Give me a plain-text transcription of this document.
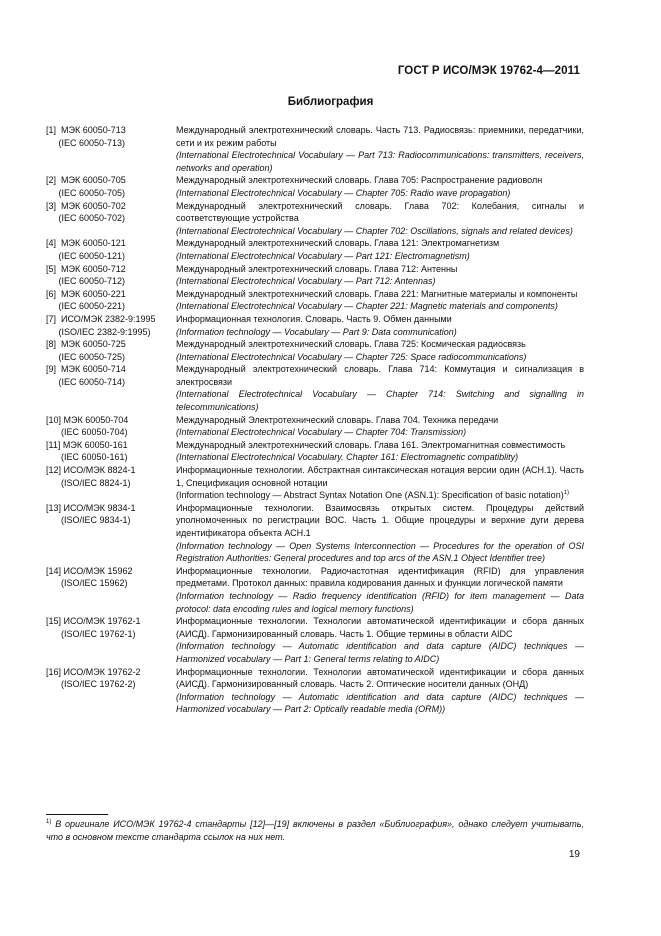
ГОСТ Р ИСО/МЭК 19762-4—2011
Библиография
[1] МЭК 60050-713
(IEC 60050-713)
Международный электротехнический словарь. Часть 713. Радиосвязь: приемники, передатчики, сети и их режим работы
(International Electrotechnical Vocabulary — Part 713: Radiocommunications: transmitters, receivers, networks and operation)
[2] МЭК 60050-705
(IEC 60050-705)
Международный электротехнический словарь. Глава 705: Распространение радиоволн
(International Electrotechnical Vocabulary — Chapter 705: Radio wave propagation)
[3] МЭК 60050-702
(IEC 60050-702)
Международный электротехнический словарь. Глава 702: Колебания, сигналы и соответствующие устройства
(International Electrotechnical Vocabulary — Chapter 702: Oscillations, signals and related devices)
[4] МЭК 60050-121
(IEC 60050-121)
Международный электротехнический словарь. Глава 121: Электромагнетизм
(International Electrotechnical Vocabulary — Part 121: Electromagnetism)
[5] МЭК 60050-712
(IEC 60050-712)
Международный электротехнический словарь. Глава 712: Антенны
(International Electrotechnical Vocabulary — Part 712: Antennas)
[6] МЭК 60050-221
(IEC 60050-221)
Международный электротехнический словарь. Глава 221: Магнитные материалы и компоненты
(International Electrotechnical Vocabulary — Chapter 221: Magnetic materials and components)
[7] ИСО/МЭК 2382-9:1995
(ISO/IEC 2382-9:1995)
Информационная технология. Словарь. Часть 9. Обмен данными
(Information technology — Vocabulary — Part 9: Data communication)
[8] МЭК 60050-725
(IEC 60050-725)
Международный электротехнический словарь. Глава 725: Космическая радиосвязь
(International Electrotechnical Vocabulary — Chapter 725: Space radiocommunications)
[9] МЭК 60050-714
(IEC 60050-714)
Международный электротехнический словарь. Глава 714: Коммутация и сигнализация в электросвязи
(International Electrotechnical Vocabulary — Chapter 714: Switching and signalling in telecommunications)
[10] МЭК 60050-704
(IEC 60050-704)
Международный Электротехнический словарь. Глава 704. Техника передачи
(International Electrotechnical Vocabulary — Chapter 704: Transmission)
[11] МЭК 60050-161
(IEC 60050-161)
Международный электротехнический словарь. Глава 161. Электромагнитная совместимость
(International Electrotechnical Vocabulary. Chapter 161: Electromagnetic compatiblity)
[12] ИСО/МЭК 8824-1
(ISO/IEC 8824-1)
Информационные технологии. Абстрактная синтаксическая нотация версии один (АСН.1). Часть 1, Спецификация основной нотации
(Information technology — Abstract Syntax Notation One (ASN.1): Specification of basic notation)$^{1)}$
[13] ИСО/МЭК 9834-1
(ISO/IEC 9834-1)
Информационные технологии. Взаимосвязь открытых систем. Процедуры действий уполномоченных по регистрации ВОС. Часть 1. Общие процедуры и верхние дуги дерева идентификатора объекта АСН.1
(Information technology — Open Systems Interconnection — Procedures for the operation of OSI Registration Authorities: General procedures and top arcs of the ASN.1 Object Identifier tree)
[14] ИСО/МЭК 15962
(ISO/IEC 15962)
Информационные технологии. Радиочастотная идентификация (RFID) для управления предметами. Протокол данных: правила кодирования данных и функции логической памяти
(Information technology — Radio frequency identification (RFID) for item management — Data protocol: data encoding rules and logical memory functions)
[15] ИСО/МЭК 19762-1
(ISO/IEC 19762-1)
Информационные технологии. Технологии автоматической идентификации и сбора данных (АИСД). Гармонизированный словарь. Часть 1. Общие термины в области AIDC
(Information technology — Automatic identification and data capture (AIDC) techniques — Harmonized vocabulary — Part 1: General terms relating to AIDC)
[16] ИСО/МЭК 19762-2
(ISO/IEC 19762-2)
Информационные технологии. Технологии автоматической идентификации и сбора данных (АИСД). Гармонизированный словарь. Часть 2. Оптические носители данных (ОНД)
(Information technology — Automatic identification and data capture (AIDC) techniques — Harmonized vocabulary — Part 2: Optically readable media (ORM))
$^{1)}$ В оригинале ИСО/МЭК 19762-4 стандарты [12]—[19] включены в раздел «Библиография», однако следует учитывать, что в основном тексте стандарта ссылок на них нет.
19
